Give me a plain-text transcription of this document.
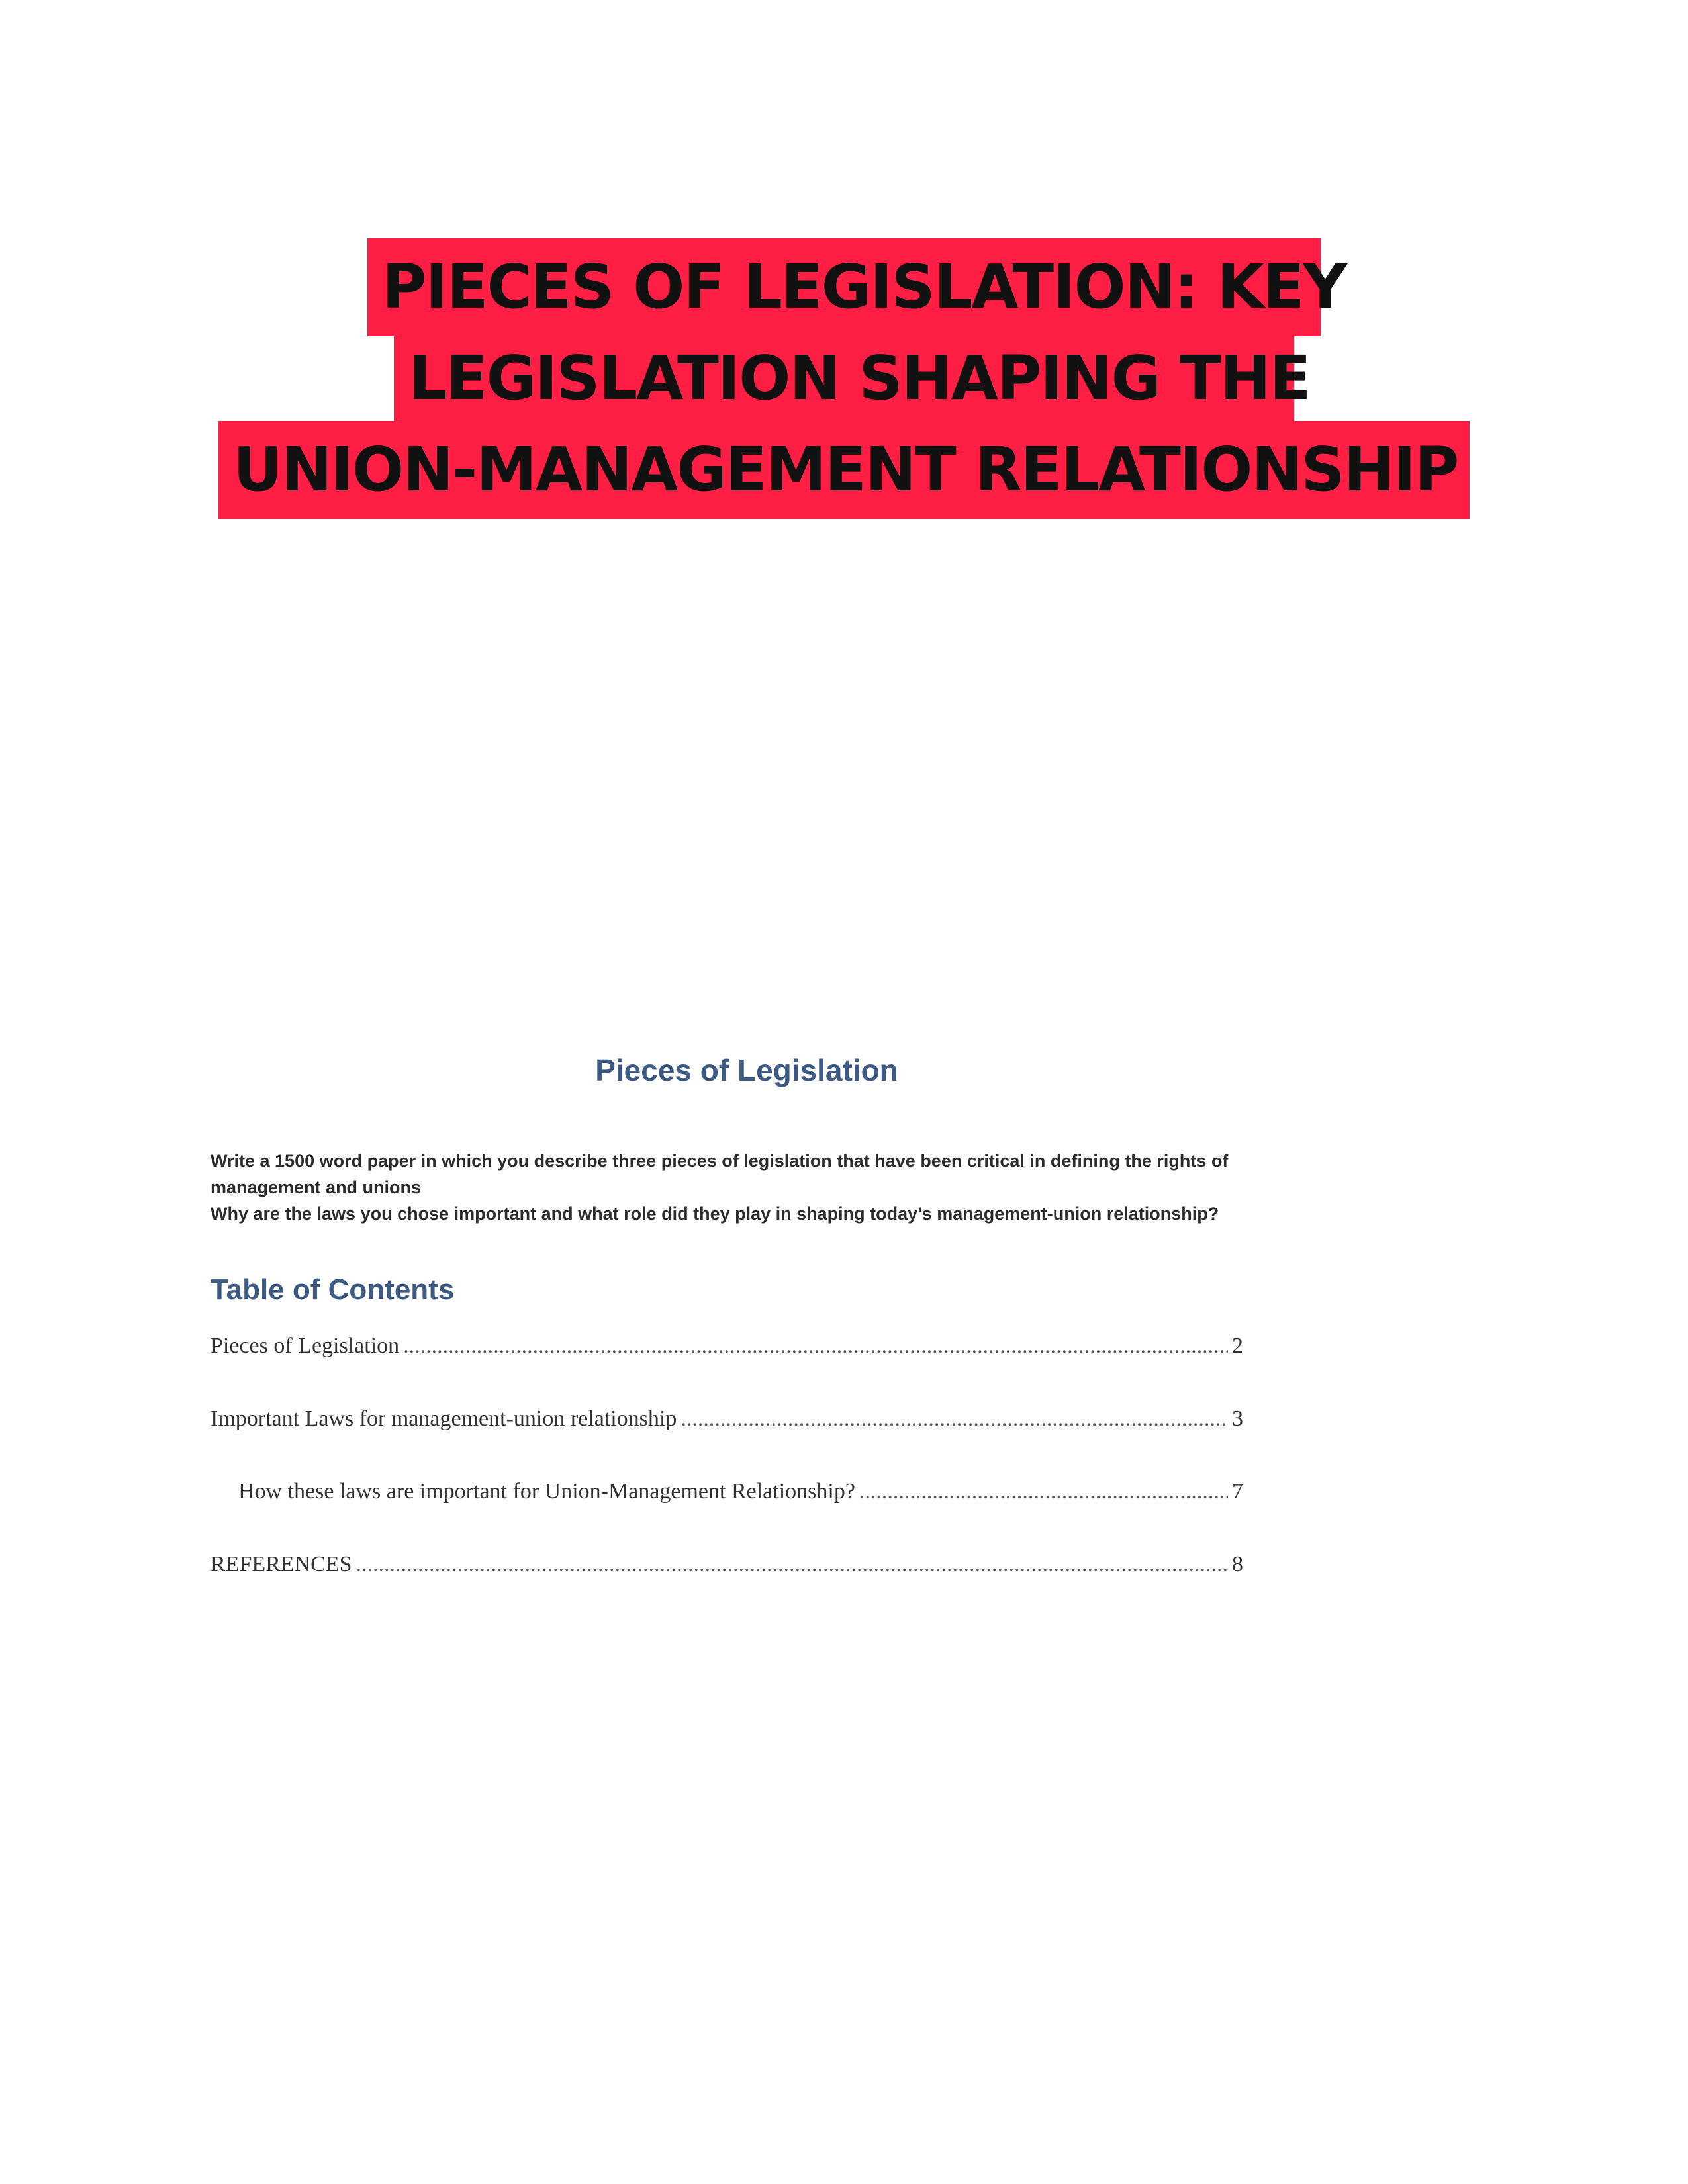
PIECES OF LEGISLATION: KEY
LEGISLATION SHAPING THE
UNION-MANAGEMENT RELATIONSHIP
Pieces of Legislation

Write a 1500 word paper in which you describe three pieces of legislation that have been critical in defining the rights of management and unions

Why are the laws you chose important and what role did they play in shaping today’s management-union relationship?

Table of Contents
Pieces of Legislation .....	2
Important Laws for management-union relationship .....	3
How these laws are important for Union-Management Relationship? .....	7
REFERENCES .....	8
